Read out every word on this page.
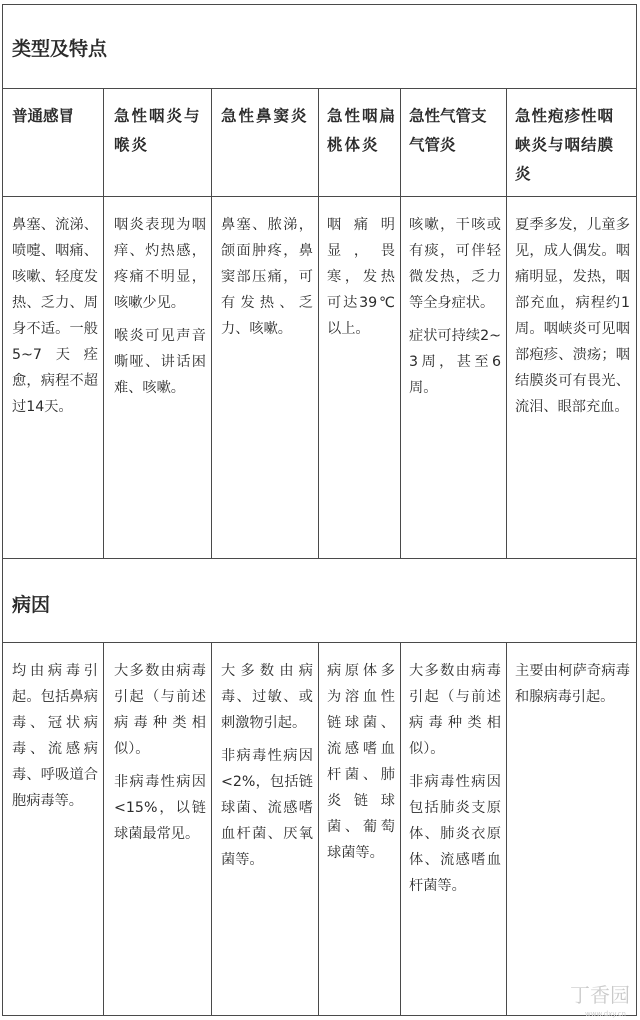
类型及特点
病因
普通感冒	急性咽炎与喉炎
急性鼻窦炎 急性咽扁桃体炎
急性气管支气管炎
急性疱疹性咽峡炎与咽结膜炎

鼻塞、流涕、喷嚏、咽痛、咳嗽、轻度发热、乏力、周身不适。一般5~7天痊愈，病程不超过14天。

咽炎表现为咽痒、灼热感，疼痛不明显，咳嗽少见。

喉炎可见声音嘶哑、讲话困难、咳嗽。

鼻塞、脓涕，颌面肿疼，鼻窦部压痛，可有发热、乏力、咳嗽。

咽痛明显，畏寒，发热可达39℃以上。

咳嗽，干咳或有痰，可伴轻微发热，乏力等全身症状。

症状可持续2~3周，甚至6周。

夏季多发，儿童多见，成人偶发。咽痛明显，发热，咽部充血，病程约1周。咽峡炎可见咽部疱疹、溃疡；咽结膜炎可有畏光、流泪、眼部充血。

均由病毒引起。包括鼻病毒、冠状病毒、流感病毒、呼吸道合胞病毒等。

大多数由病毒引起（与前述病毒种类相似）。

非病毒性病因<15%，以链球菌最常见。

大多数由病毒、过敏、或刺激物引起。

非病毒性病因<2%，包括链球菌、流感嗜血杆菌、厌氧菌等。

病原体多为溶血性链球菌、流感嗜血杆菌、肺炎链球菌、葡萄球菌等。

大多数由病毒引起（与前述病毒种类相似）。

非病毒性病因包括肺炎支原体、肺炎衣原体、流感嗜血杆菌等。

主要由柯萨奇病毒和腺病毒引起。

丁香园
www.dxy.cn
